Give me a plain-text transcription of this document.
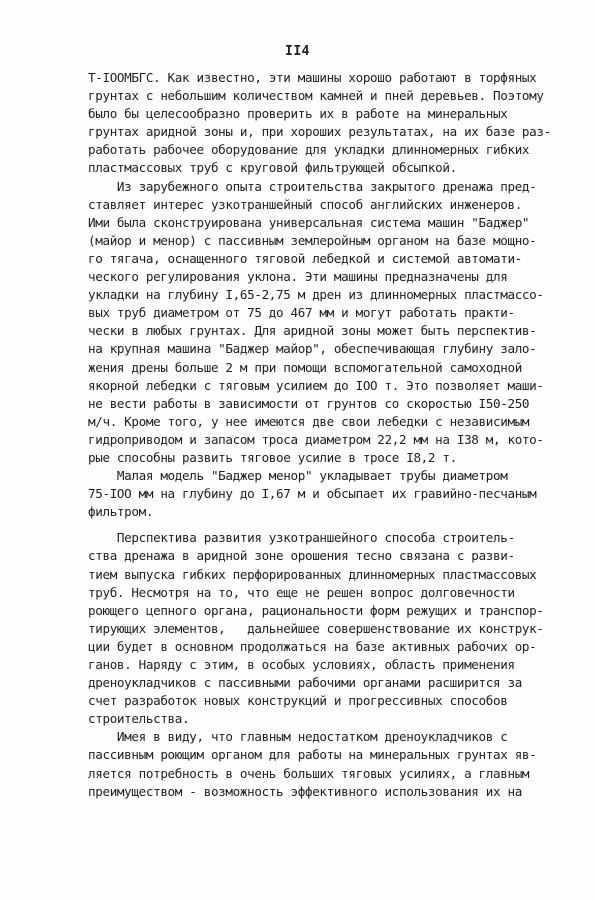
II4
Т-IOOМБГС. Как известно, эти машины хорошо работают в торфяных
грунтах с небольшим количеством камней и пней деревьев. Поэтому
было бы целесообразно проверить их в работе на минеральных
грунтах аридной зоны и, при хороших результатах, на их базе раз-
работать рабочее оборудование для укладки длинномерных гибких
пластмассовых труб с круговой фильтрующей обсыпкой.
Из зарубежного опыта строительства закрытого дренажа пред-
ставляет интерес узкотраншейный способ английских инженеров.
Ими была сконструирована универсальная система машин "Баджер"
(майор и менор) с пассивным землеройным органом на базе мощно-
го тягача, оснащенного тяговой лебедкой и системой автомати-
ческого регулирования уклона. Эти машины предназначены для
укладки на глубину I,65-2,75 м дрен из длинномерных пластмассо-
вых труб диаметром от 75 до 467 мм и могут работать практи-
чески в любых грунтах. Для аридной зоны может быть перспектив-
на крупная машина "Баджер майор", обеспечивающая глубину зало-
жения дрены больше 2 м при помощи вспомогательной самоходной
якорной лебедки с тяговым усилием до IOO т. Это позволяет маши-
не вести работы в зависимости от грунтов со скоростью I50-250
м/ч. Кроме того, у нее имеются две свои лебедки с независимым
гидроприводом и запасом троса диаметром 22,2 мм на I38 м, кото-
рые способны развить тяговое усилие в тросе I8,2 т.
Малая модель "Баджер менор" укладывает трубы диаметром
75-IOO мм на глубину до I,67 м и обсыпает их гравийно-песчаным
фильтром.
Перспектива развития узкотраншейного способа строитель-
ства дренажа в аридной зоне орошения тесно связана с разви-
тием выпуска гибких перфорированных длинномерных пластмассовых
труб. Несмотря на то, что еще не решен вопрос долговечности
роющего цепного органа, рациональности форм режущих и транспор-
тирующих элементов,   дальнейшее совершенствование их конструк-
ции будет в основном продолжаться на базе активных рабочих ор-
ганов. Наряду с этим, в особых условиях, область применения
дреноукладчиков с пассивными рабочими органами расширится за
счет разработок новых конструкций и прогрессивных способов
строительства.
Имея в виду, что главным недостатком дреноукладчиков с
пассивным роющим органом для работы на минеральных грунтах яв-
ляется потребность в очень больших тяговых усилиях, а главным
преимуществом - возможность эффективного использования их на
